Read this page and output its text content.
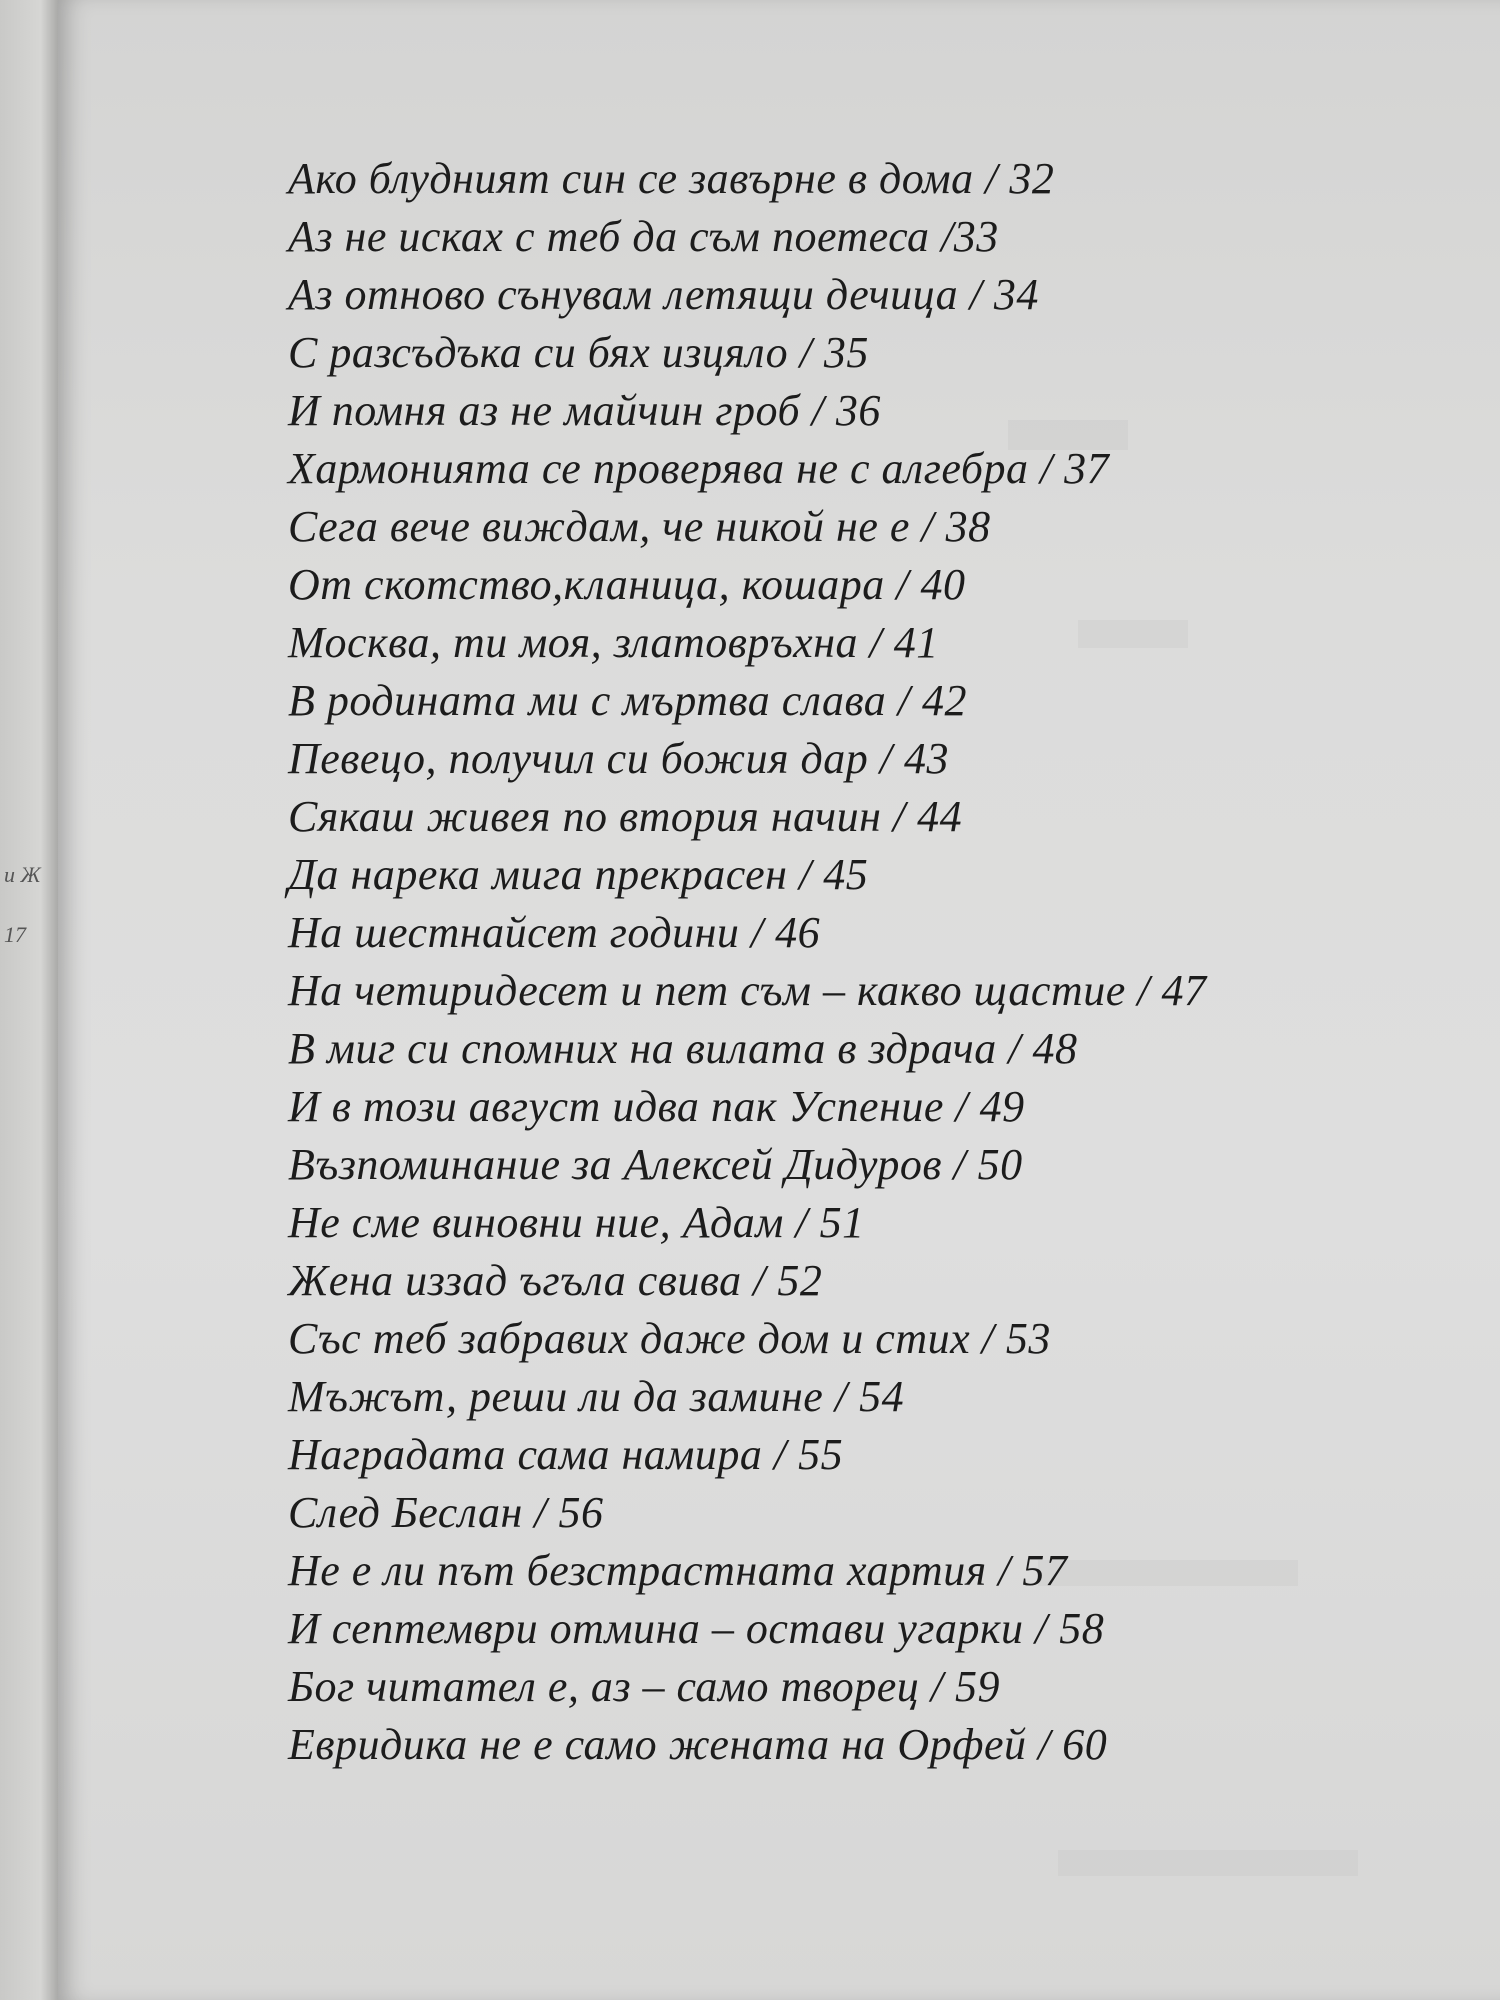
и Ж
17
Ако блудният син се завърне в дома / 32
Аз не исках с теб да съм поетеса /33
Аз отново сънувам летящи дечица / 34
С разсъдъка си бях изцяло / 35
И помня аз не майчин гроб / 36
Хармонията се проверява не с алгебра / 37
Сега вече виждам, че никой не е / 38
От скотство,кланица, кошара / 40
Москва, ти моя, златовръхна / 41
В родината ми с мъртва слава / 42
Певецо, получил си божия дар / 43
Сякаш живея по втория начин / 44
Да нарека мига прекрасен / 45
На шестнайсет години / 46
На четиридесет и пет съм – какво щастие / 47
В миг си спомних на вилата в здрача / 48
И в този август идва пак Успение / 49
Възпоминание за Алексей Дидуров / 50
Не сме виновни ние, Адам / 51
Жена иззад ъгъла свива / 52
Със теб забравих даже дом и стих / 53
Мъжът, реши ли да замине / 54
Наградата сама намира / 55
След Беслан / 56
Не е ли път безстрастната хартия / 57
И септември отмина – остави угарки / 58
Бог читател е, аз – само творец / 59
Евридика не е само жената на Орфей / 60
